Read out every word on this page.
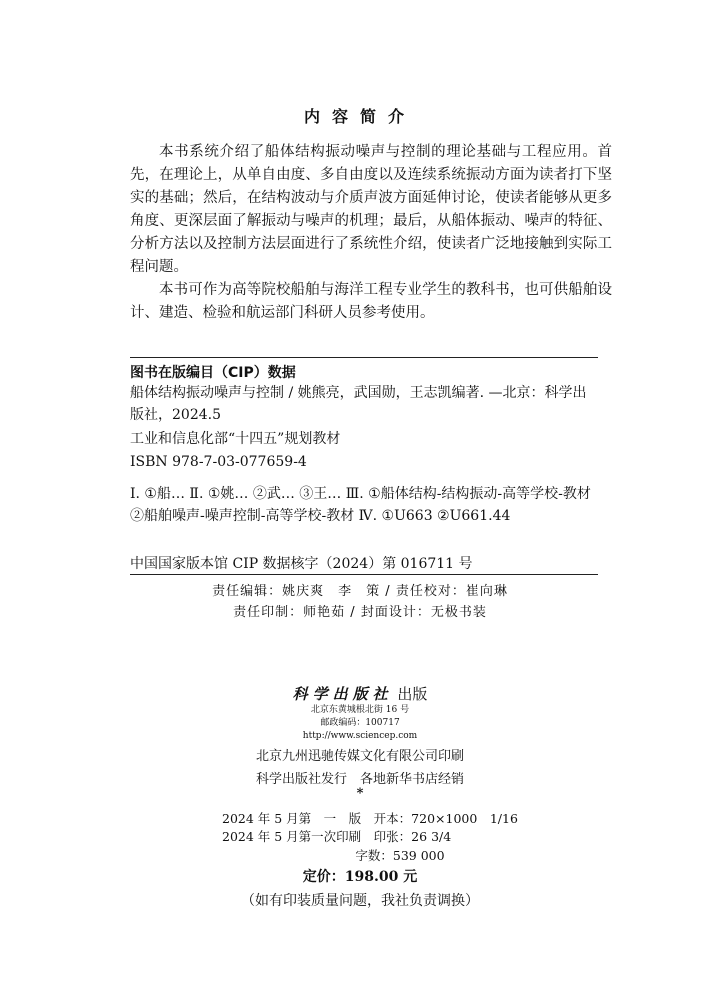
内容简介

本书系统介绍了船体结构振动噪声与控制的理论基础与工程应用。首先，在理论上，从单自由度、多自由度以及连续系统振动方面为读者打下坚实的基础；然后，在结构波动与介质声波方面延伸讨论，使读者能够从更多角度、更深层面了解振动与噪声的机理；最后，从船体振动、噪声的特征、分析方法以及控制方法层面进行了系统性介绍，使读者广泛地接触到实际工程问题。

本书可作为高等院校船舶与海洋工程专业学生的教科书，也可供船舶设计、建造、检验和航运部门科研人员参考使用。

图书在版编目（CIP）数据

船体结构振动噪声与控制 / 姚熊亮，武国勋，王志凯编著. —北京：科学出版社，2024.5

工业和信息化部“十四五”规划教材
ISBN 978-7-03-077659-4
Ⅰ. ①船… Ⅱ. ①姚… ②武… ③王… Ⅲ. ①船体结构-结构振动-高等学校-教材 ②船舶噪声-噪声控制-高等学校-教材 Ⅳ. ①U663 ②U661.44
中国国家版本馆 CIP 数据核字（2024）第 016711 号
责任编辑：姚庆爽　李　策 / 责任校对：崔向琳
责任印制：师艳茹 / 封面设计：无极书装
科学出版社 出版
北京东黄城根北街 16 号
邮政编码：100717
http://www.sciencep.com
北京九州迅驰传媒文化有限公司印刷
科学出版社发行　各地新华书店经销
*
2024 年 5 月第　一　版　开本：720×1000　1/16
2024 年 5 月第一次印刷　印张：26 3/4
字数：539 000
定价：198.00 元
（如有印装质量问题，我社负责调换）
